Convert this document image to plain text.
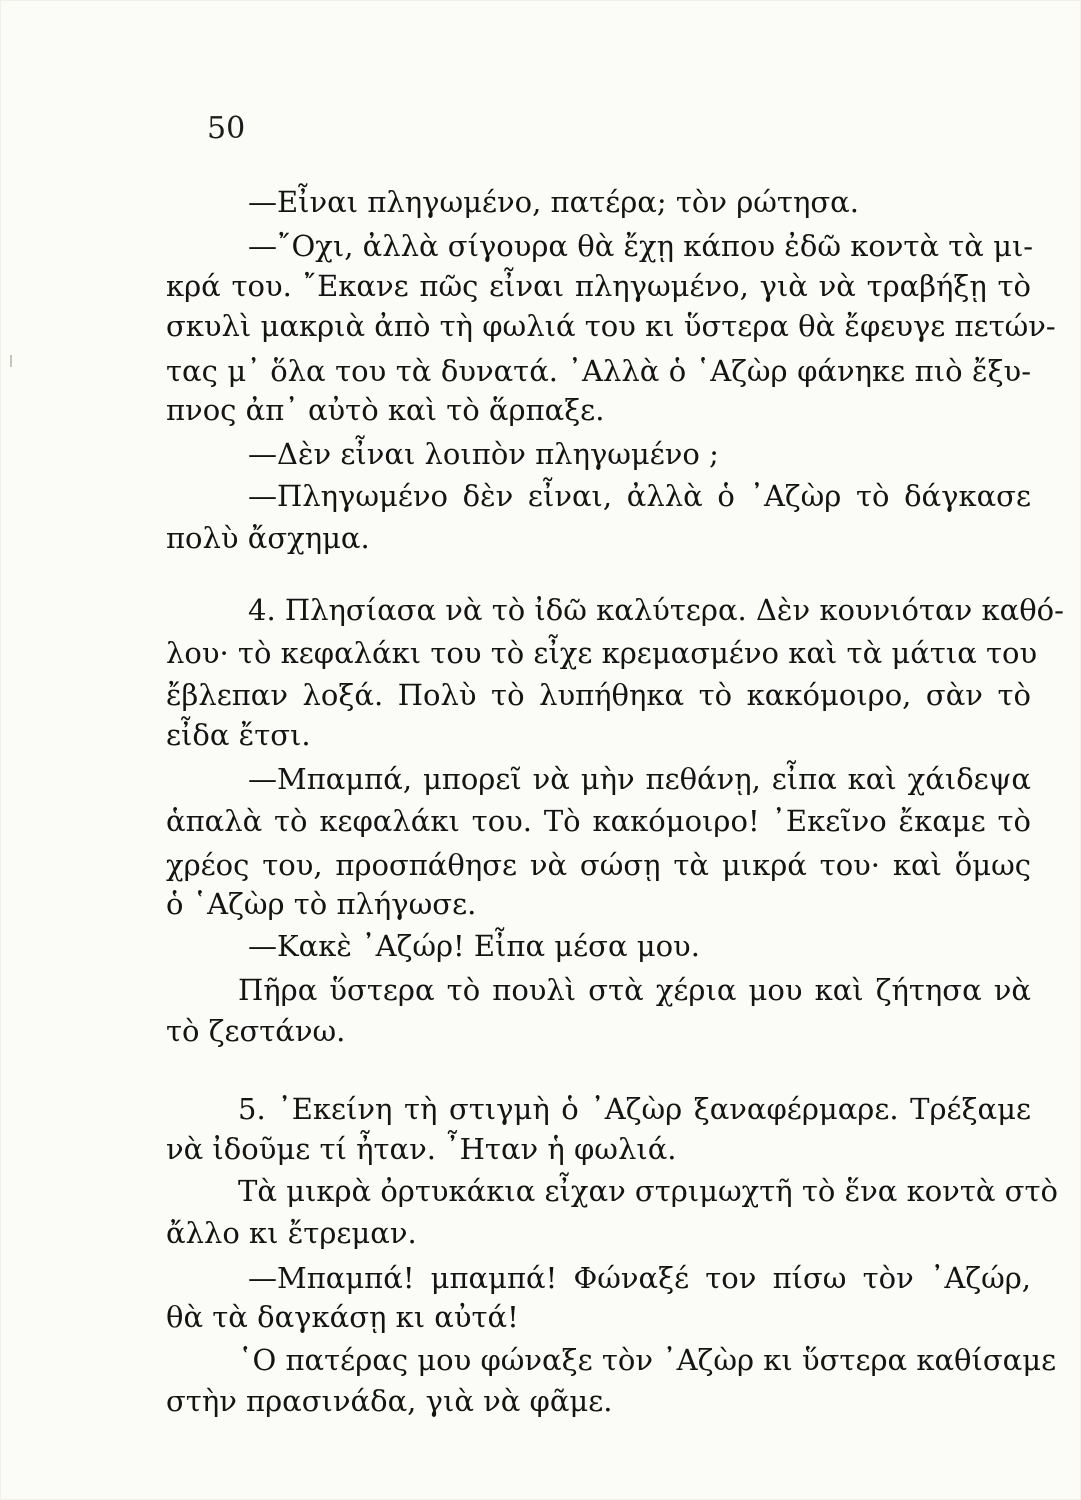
50
—Εἶναι πληγωμένο, πατέρα; τὸν ρώτησα.
—῎Οχι, ἀλλὰ σίγουρα θὰ ἔχῃ κάπου ἐδῶ κοντὰ τὰ μι-
κρά του. ῎Εκανε πῶς εἶναι πληγωμένο, γιὰ νὰ τραβήξῃ τὸ
σκυλὶ μακριὰ ἀπὸ τὴ φωλιά του κι ὕστερα θὰ ἔφευγε πετών-
τας μ᾽ ὅλα του τὰ δυνατά. ᾽Αλλὰ ὁ ῾Αζὼρ φάνηκε πιὸ ἔξυ-
πνος ἀπ᾽ αὐτὸ καὶ τὸ ἅρπαξε.
—Δὲν εἶναι λοιπὸν πληγωμένο ;
—Πληγωμένο δὲν εἶναι, ἀλλὰ ὁ ᾽Αζὼρ τὸ δάγκασε
πολὺ ἄσχημα.
4. Πλησίασα νὰ τὸ ἰδῶ καλύτερα. Δὲν κουνιόταν καθό-
λου· τὸ κεφαλάκι του τὸ εἶχε κρεμασμένο καὶ τὰ μάτια του
ἔβλεπαν λοξά. Πολὺ τὸ λυπήθηκα τὸ κακόμοιρο, σὰν τὸ
εἶδα ἔτσι.
—Μπαμπά, μπορεῖ νὰ μὴν πεθάνῃ, εἶπα καὶ χάιδεψα
ἁπαλὰ τὸ κεφαλάκι του. Τὸ κακόμοιρο! ᾽Εκεῖνο ἔκαμε τὸ
χρέος του, προσπάθησε νὰ σώσῃ τὰ μικρά του· καὶ ὅμως
ὁ ῾Αζὼρ τὸ πλήγωσε.
—Κακὲ ᾽Αζώρ! Εἶπα μέσα μου.
Πῆρα ὕστερα τὸ πουλὶ στὰ χέρια μου καὶ ζήτησα νὰ
τὸ ζεστάνω.
5. ᾽Εκείνη τὴ στιγμὴ ὁ ᾽Αζὼρ ξαναφέρμαρε. Τρέξαμε
νὰ ἰδοῦμε τί ἦταν. ῏Ηταν ἡ φωλιά.
Τὰ μικρὰ ὀρτυκάκια εἶχαν στριμωχτῆ τὸ ἕνα κοντὰ στὸ
ἄλλο κι ἔτρεμαν.
—Μπαμπά! μπαμπά! Φώναξέ τον πίσω τὸν ᾽Αζώρ,
θὰ τὰ δαγκάσῃ κι αὐτά!
῾Ο πατέρας μου φώναξε τὸν ᾽Αζὼρ κι ὕστερα καθίσαμε
στὴν πρασινάδα, γιὰ νὰ φᾶμε.
